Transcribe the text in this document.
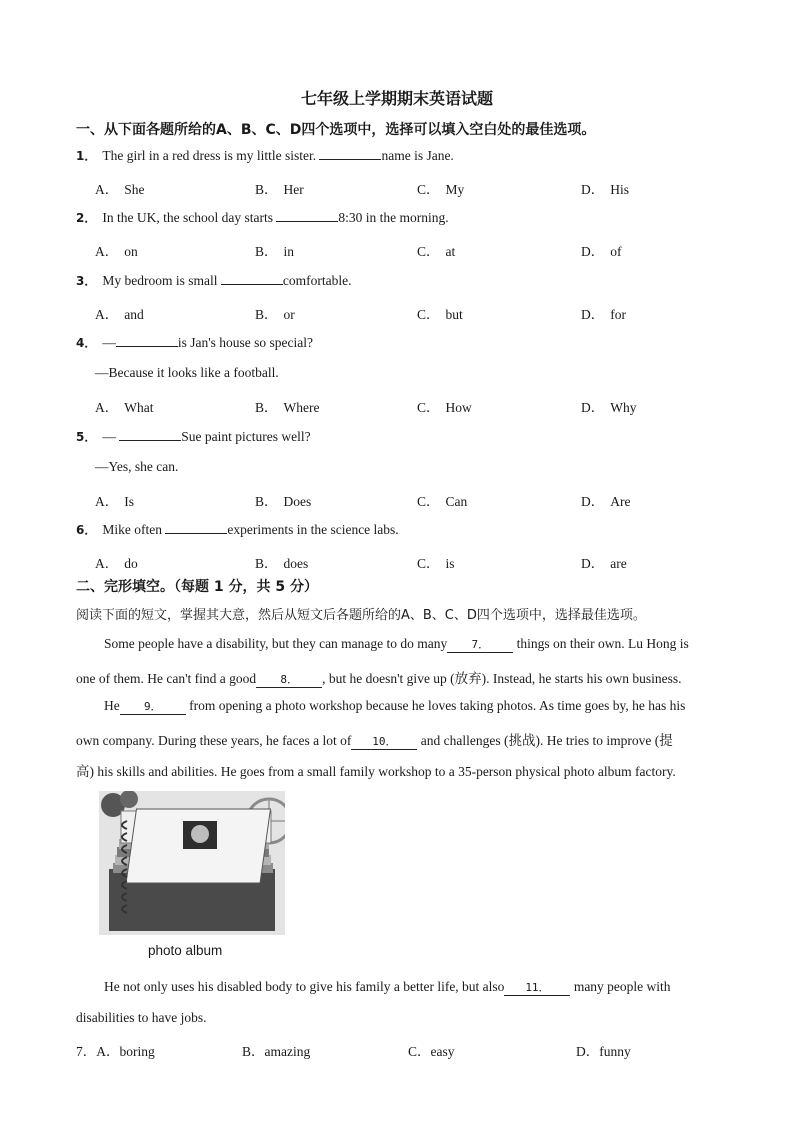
七年级上学期期末英语试题
一、从下面各题所给的A、B、C、D四个选项中，选择可以填入空白处的最佳选项。
1． The girl in a red dress is my little sister.	name is Jane.
A． She	B． Her	C． My	D． His
2． In the UK, the school day starts	8:30 in the morning.
A． on	B． in	C． at	D． of
3． My bedroom is small	comfortable.
A． and	B． or	C． but	D． for
4． —	is Jan's house so special?
—Because it looks like a football.
A． What	B． Where	C． How	D． Why
5． —	Sue paint pictures well?
—Yes, she can.
A． Is	B． Does	C． Can	D． Are
6． Mike often	experiments in the science labs.
A． do	B． does	C． is	D． are
二、完形填空。（每题 1 分，共 5 分）
阅读下面的短文，掌握其大意，然后从短文后各题所给的A、B、C、D四个选项中，选择最佳选项。
Some people have a disability, but they can manage to do many 7． things on their own. Lu Hong is
one of them. He can't find a good 8． , but he doesn't give up (放弃). Instead, he starts his own business.
He 9． from opening a photo workshop because he loves taking photos. As time goes by, he has his
own company. During these years, he faces a lot of 10． and challenges (挑战). He tries to improve (提
高) his skills and abilities. He goes from a small family workshop to a 35-person physical photo album factory.
photo album
He not only uses his disabled body to give his family a better life, but also 11． many people with
disabilities to have jobs.
7．A．boring	B．amazing	C．easy	D．funny
